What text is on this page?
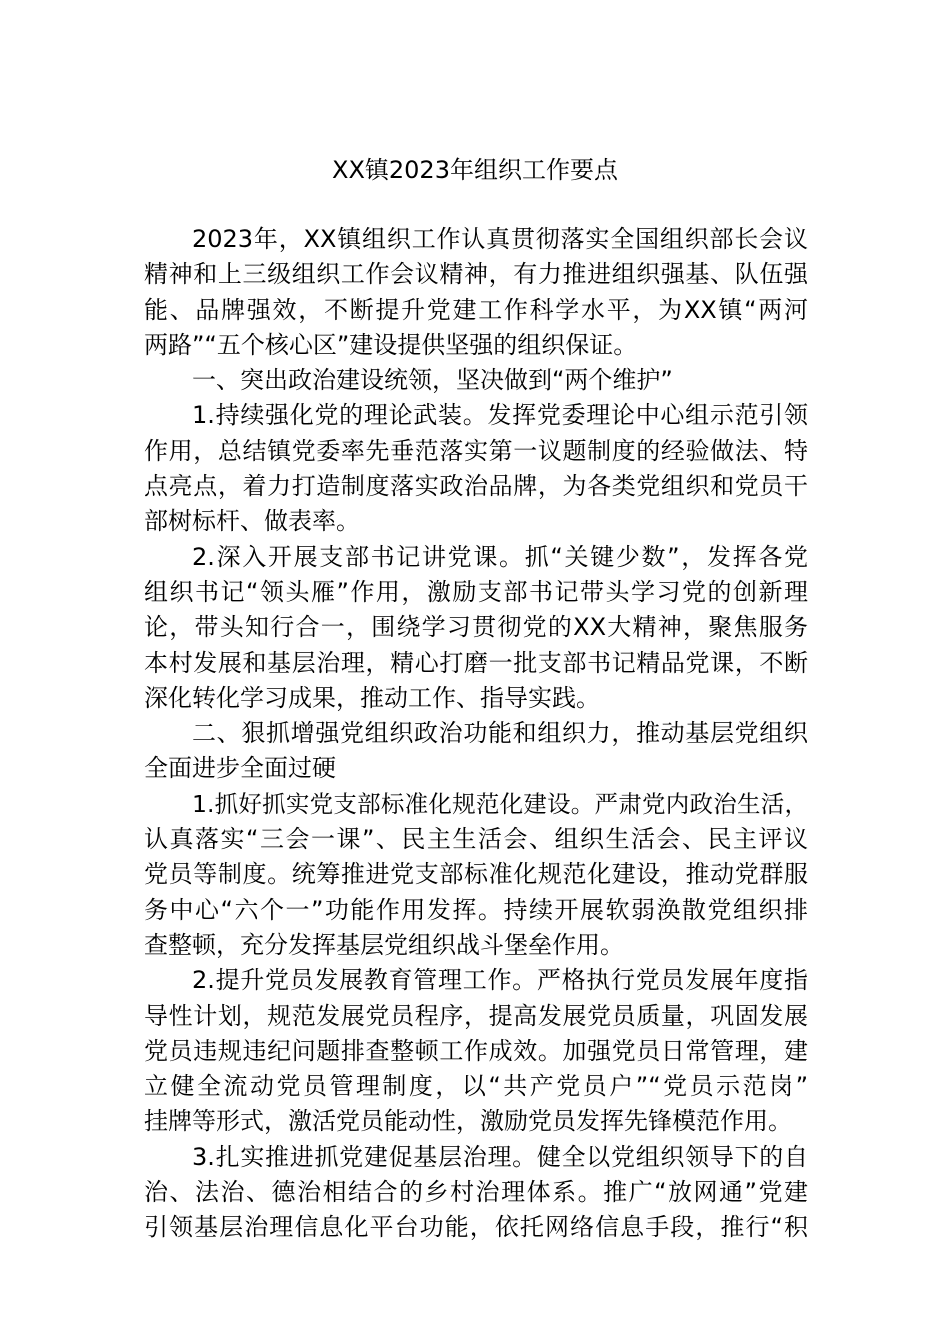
XX镇2023年组织工作要点
2023年，XX镇组织工作认真贯彻落实全国组织部长会议
精神和上三级组织工作会议精神，有力推进组织强基、队伍强
能、品牌强效，不断提升党建工作科学水平，为XX镇“两河
两路”“五个核心区”建设提供坚强的组织保证。
一、突出政治建设统领，坚决做到“两个维护”
1.持续强化党的理论武装。发挥党委理论中心组示范引领
作用，总结镇党委率先垂范落实第一议题制度的经验做法、特
点亮点，着力打造制度落实政治品牌，为各类党组织和党员干
部树标杆、做表率。
2.深入开展支部书记讲党课。抓“关键少数”，发挥各党
组织书记“领头雁”作用，激励支部书记带头学习党的创新理
论，带头知行合一，围绕学习贯彻党的XX大精神，聚焦服务
本村发展和基层治理，精心打磨一批支部书记精品党课，不断
深化转化学习成果，推动工作、指导实践。
二、狠抓增强党组织政治功能和组织力，推动基层党组织
全面进步全面过硬
1.抓好抓实党支部标准化规范化建设。严肃党内政治生活，
认真落实“三会一课”、民主生活会、组织生活会、民主评议
党员等制度。统筹推进党支部标准化规范化建设，推动党群服
务中心“六个一”功能作用发挥。持续开展软弱涣散党组织排
查整顿，充分发挥基层党组织战斗堡垒作用。
2.提升党员发展教育管理工作。严格执行党员发展年度指
导性计划，规范发展党员程序，提高发展党员质量，巩固发展
党员违规违纪问题排查整顿工作成效。加强党员日常管理，建
立健全流动党员管理制度，以“共产党员户”“党员示范岗”
挂牌等形式，激活党员能动性，激励党员发挥先锋模范作用。
3.扎实推进抓党建促基层治理。健全以党组织领导下的自
治、法治、德治相结合的乡村治理体系。推广“放网通”党建
引领基层治理信息化平台功能，依托网络信息手段，推行“积
